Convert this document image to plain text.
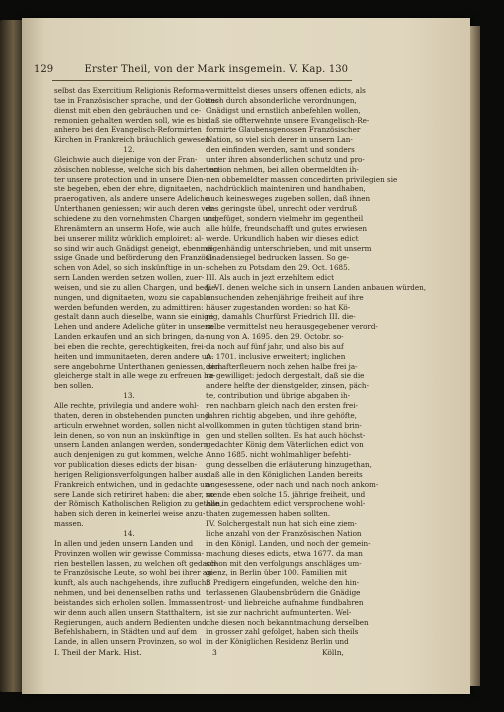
129	Erster Theil, von der Mark insgemein. V. Kap. 130

selbst das Exercitium Religionis Reforma-

tae in Französischer sprache, und der Gottes-

dienst mit eben den gebräuchen und ce-

remonien gehalten werden soll, wie es bis

anhero bei den Evangelisch-Reformirten

Kirchen in Frankreich bräuchlich gewesen.

12.

Gleichwie auch diejenige von der Fran-

zösischen noblesse, welche sich bis daher un-

ter unsere protection und in unsere Dien-

ste begeben, eben der ehre, dignitaeten,

praerogativen, als andere unsere Adeliche

Unterthanen geniessen; wir auch deren ver-

schiedene zu den vornehmsten Chargen und

Ehrenämtern an unserm Hofe, wie auch

bei unserer militz würklich emploiret: al-

so sind wir auch Gnädigst geneigt, ebenmä-

ssige Gnade und beförderung den Französi-

schen von Adel, so sich inskünftige in un-

sern Landen werden setzen wollen, zuer-

weisen, und sie zu allen Chargen, und bedie-

nungen, und dignitaeten, wozu sie capable

werden befunden werden, zu admittiren:

gestalt dann auch dieselbe, wann sie einige

Lehen und andere Adeliche güter in unsern

Landen erkaufen und an sich bringen, da-

bei eben die rechte, gerechtigkeiten, frei-

heiten und immunitaeten, deren andere un-

sere angebohrne Unterthanen geniessen, sich

gleicherge stalt in alle wege zu erfreuen ha-

ben sollen.

13.

Alle rechte, privilegia und andere wohl-

thaten, deren in obstehenden puncten und

articuln erwehnet worden, sollen nicht al-

lein denen, so von nun an inskünftige in

unsern Landen anlangen werden, sondern

auch denjenigen zu gut kommen, welche

vor publication dieses edicts der bisan-

herigen Religionsverfolgungen halber aus

Frankreich entwichen, und in gedachte un-

sere Lande sich retiriret haben: die aber, so

der Römisch Katholischen Religion zu gethan,

haben sich deren in keinerlei weise anzu-

massen.

14.

In allen und jeden unsern Landen und

Provinzen wollen wir gewisse Commissa-

rien bestellen lassen, zu welchen oft gedach-

te Französische Leute, so wohl bei ihrer an-

kunft, als auch nachgehends, ihre zuflucht

nehmen, und bei denenselben raths und

beistandes sich erholen sollen. Immassen

wir denn auch allen unsern Statthaltern,

Regierungen, auch andern Bedienten und

Befehlshabern, in Städten und auf dem

Lande, in allen unsern Provinzen, so wol

vermittelst dieses unsers offenen edicts, als

auch durch absonderliche verordnungen,

Gnädigst und ernstlich anbefehlen wollen,

daß sie offterwehnte unsere Evangelisch-Re-

formirte Glaubensgenossen Französischer

Nation, so viel sich derer in unsern Lan-

den einfinden werden, samt und sonders

unter ihren absonderlichen schutz und pro-

tection nehmen, bei allen obermeldten ih-

nen obbemeldter massen concedirten privilegien sie

nachdrücklich mainteniren und handhaben,

auch keinesweges zugeben sollen, daß ihnen

das geringste übel, unrecht oder verdruß

zugefüget, sondern vielmehr im gegentheil

alle hülfe, freundschafft und gutes erwiesen

werde. Urkundlich haben wir dieses edict

eigenhändig unterschrieben, und mit unserm

Gnadensiegel bedrucken lassen. So ge-

schehen zu Potsdam den 29. Oct. 1685.

III. Als auch in jezt erzehltem edict

§. VI. denen welche sich in unsern Landen anbauen würden,

ansuchenden zehenjährige freiheit auf ihre

häuser zugestanden worden: so hat Kö-

nig, damahls Churfürst Friedrich III. die-

selbe vermittelst neu herausgegebener verord-

nung von A. 1695. den 29. Octobr. so-

da noch auf fünf jahr, und also bis auf

A. 1701. inclusive erweitert; inglichen

den afterfleuern noch zehen halbe frei ja-

re gewilliget: jedoch dergestalt, daß sie die

andere helfte der dienstgelder, zinsen, päch-

te, contribution und übrige abgaben ih-

ren nachbarn gleich nach den ersten frei-

jahren richtig abgeben, und ihre gehöfte,

vollkommen in guten tüchtigen stand brin-

gen und stellen sollten. Es hat auch höchst-

gedachter König dem Väterlichen edict von

Anno 1685. nicht wohlmahliger befehti-

gung desselben die erläuterung hinzugethan,

daß alle in den Königlichen Landen bereits

angesessene, oder nach und nach noch ankom-

mende eben solche 15. jährige freiheit, und

alle in gedachtem edict versprochene wohl-

thaten zugemessen haben sollten.

IV. Solchergestalt nun hat sich eine ziem-

liche anzahl von der Französischen Nation

in den Königl. Landen, und noch der gemein-

machung dieses edicts, etwa 1677. da man

schon mit den verfolgungs anschläges um-

gienz, in Berlin über 100. Familien mit

3 Predigern eingefunden, welche den hin-

terlassenen Glaubensbrüdern die Gnädige

trost- und liebreiche aufnahme fundbahren

ist sie zur nachricht aufmunterten. Wel-

che diesen noch bekanntmachung derselben

in grosser zahl gefolget, haben sich theils

in der Königlichen Residenz Berlin und

I. Theil der Mark. Hist.	3	Kölln,
